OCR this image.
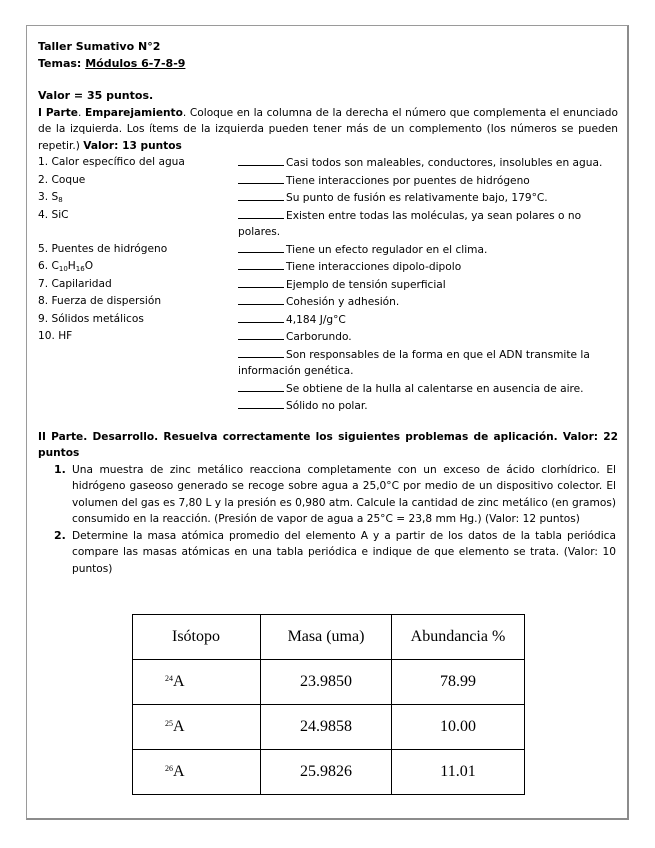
Taller Sumativo N°2
Temas: Módulos 6-7-8-9
Valor = 35 puntos.
I Parte. Emparejamiento. Coloque en la columna de la derecha el número que complementa el enunciado de la izquierda. Los ítems de la izquierda pueden tener más de un complemento (los números se pueden repetir.) Valor: 13 puntos
1. Calor específico del agua	Casi todos son maleables, conductores, insolubles en agua.
2. Coque	Tiene interacciones por puentes de hidrógeno
3. $S_8$	Su punto de fusión es relativamente bajo, 179°C.
4. SiC	Existen entre todas las moléculas, ya sean polares o no
polares.
5. Puentes de hidrógeno	Tiene un efecto regulador en el clima.
6. $C_{10}H_{16}O$	Tiene interacciones dipolo-dipolo
7. Capilaridad	Ejemplo de tensión superficial
8. Fuerza de dispersión	Cohesión y adhesión.
9. Sólidos metálicos	4,184 J/g°C
10. HF	Carborundo.
Son responsables de la forma en que el ADN transmite la
información genética.
Se obtiene de la hulla al calentarse en ausencia de aire.
Sólido no polar.
II Parte. Desarrollo. Resuelva correctamente los siguientes problemas de aplicación. Valor: 22 puntos
1. Una muestra de zinc metálico reacciona completamente con un exceso de ácido clorhídrico. El hidrógeno gaseoso generado se recoge sobre agua a 25,0°C por medio de un dispositivo colector. El volumen del gas es 7,80 L y la presión es 0,980 atm. Calcule la cantidad de zinc metálico (en gramos) consumido en la reacción. (Presión de vapor de agua a 25°C = 23,8 mm Hg.) (Valor: 12 puntos)
2. Determine la masa atómica promedio del elemento A y a partir de los datos de la tabla periódica compare las masas atómicas en una tabla periódica e indique de que elemento se trata. (Valor: 10 puntos)
Isótopo	Masa (uma)	Abundancia %
$^{24}$A	23.9850	78.99
$^{25}$A	24.9858	10.00
$^{26}$A	25.9826	11.01
